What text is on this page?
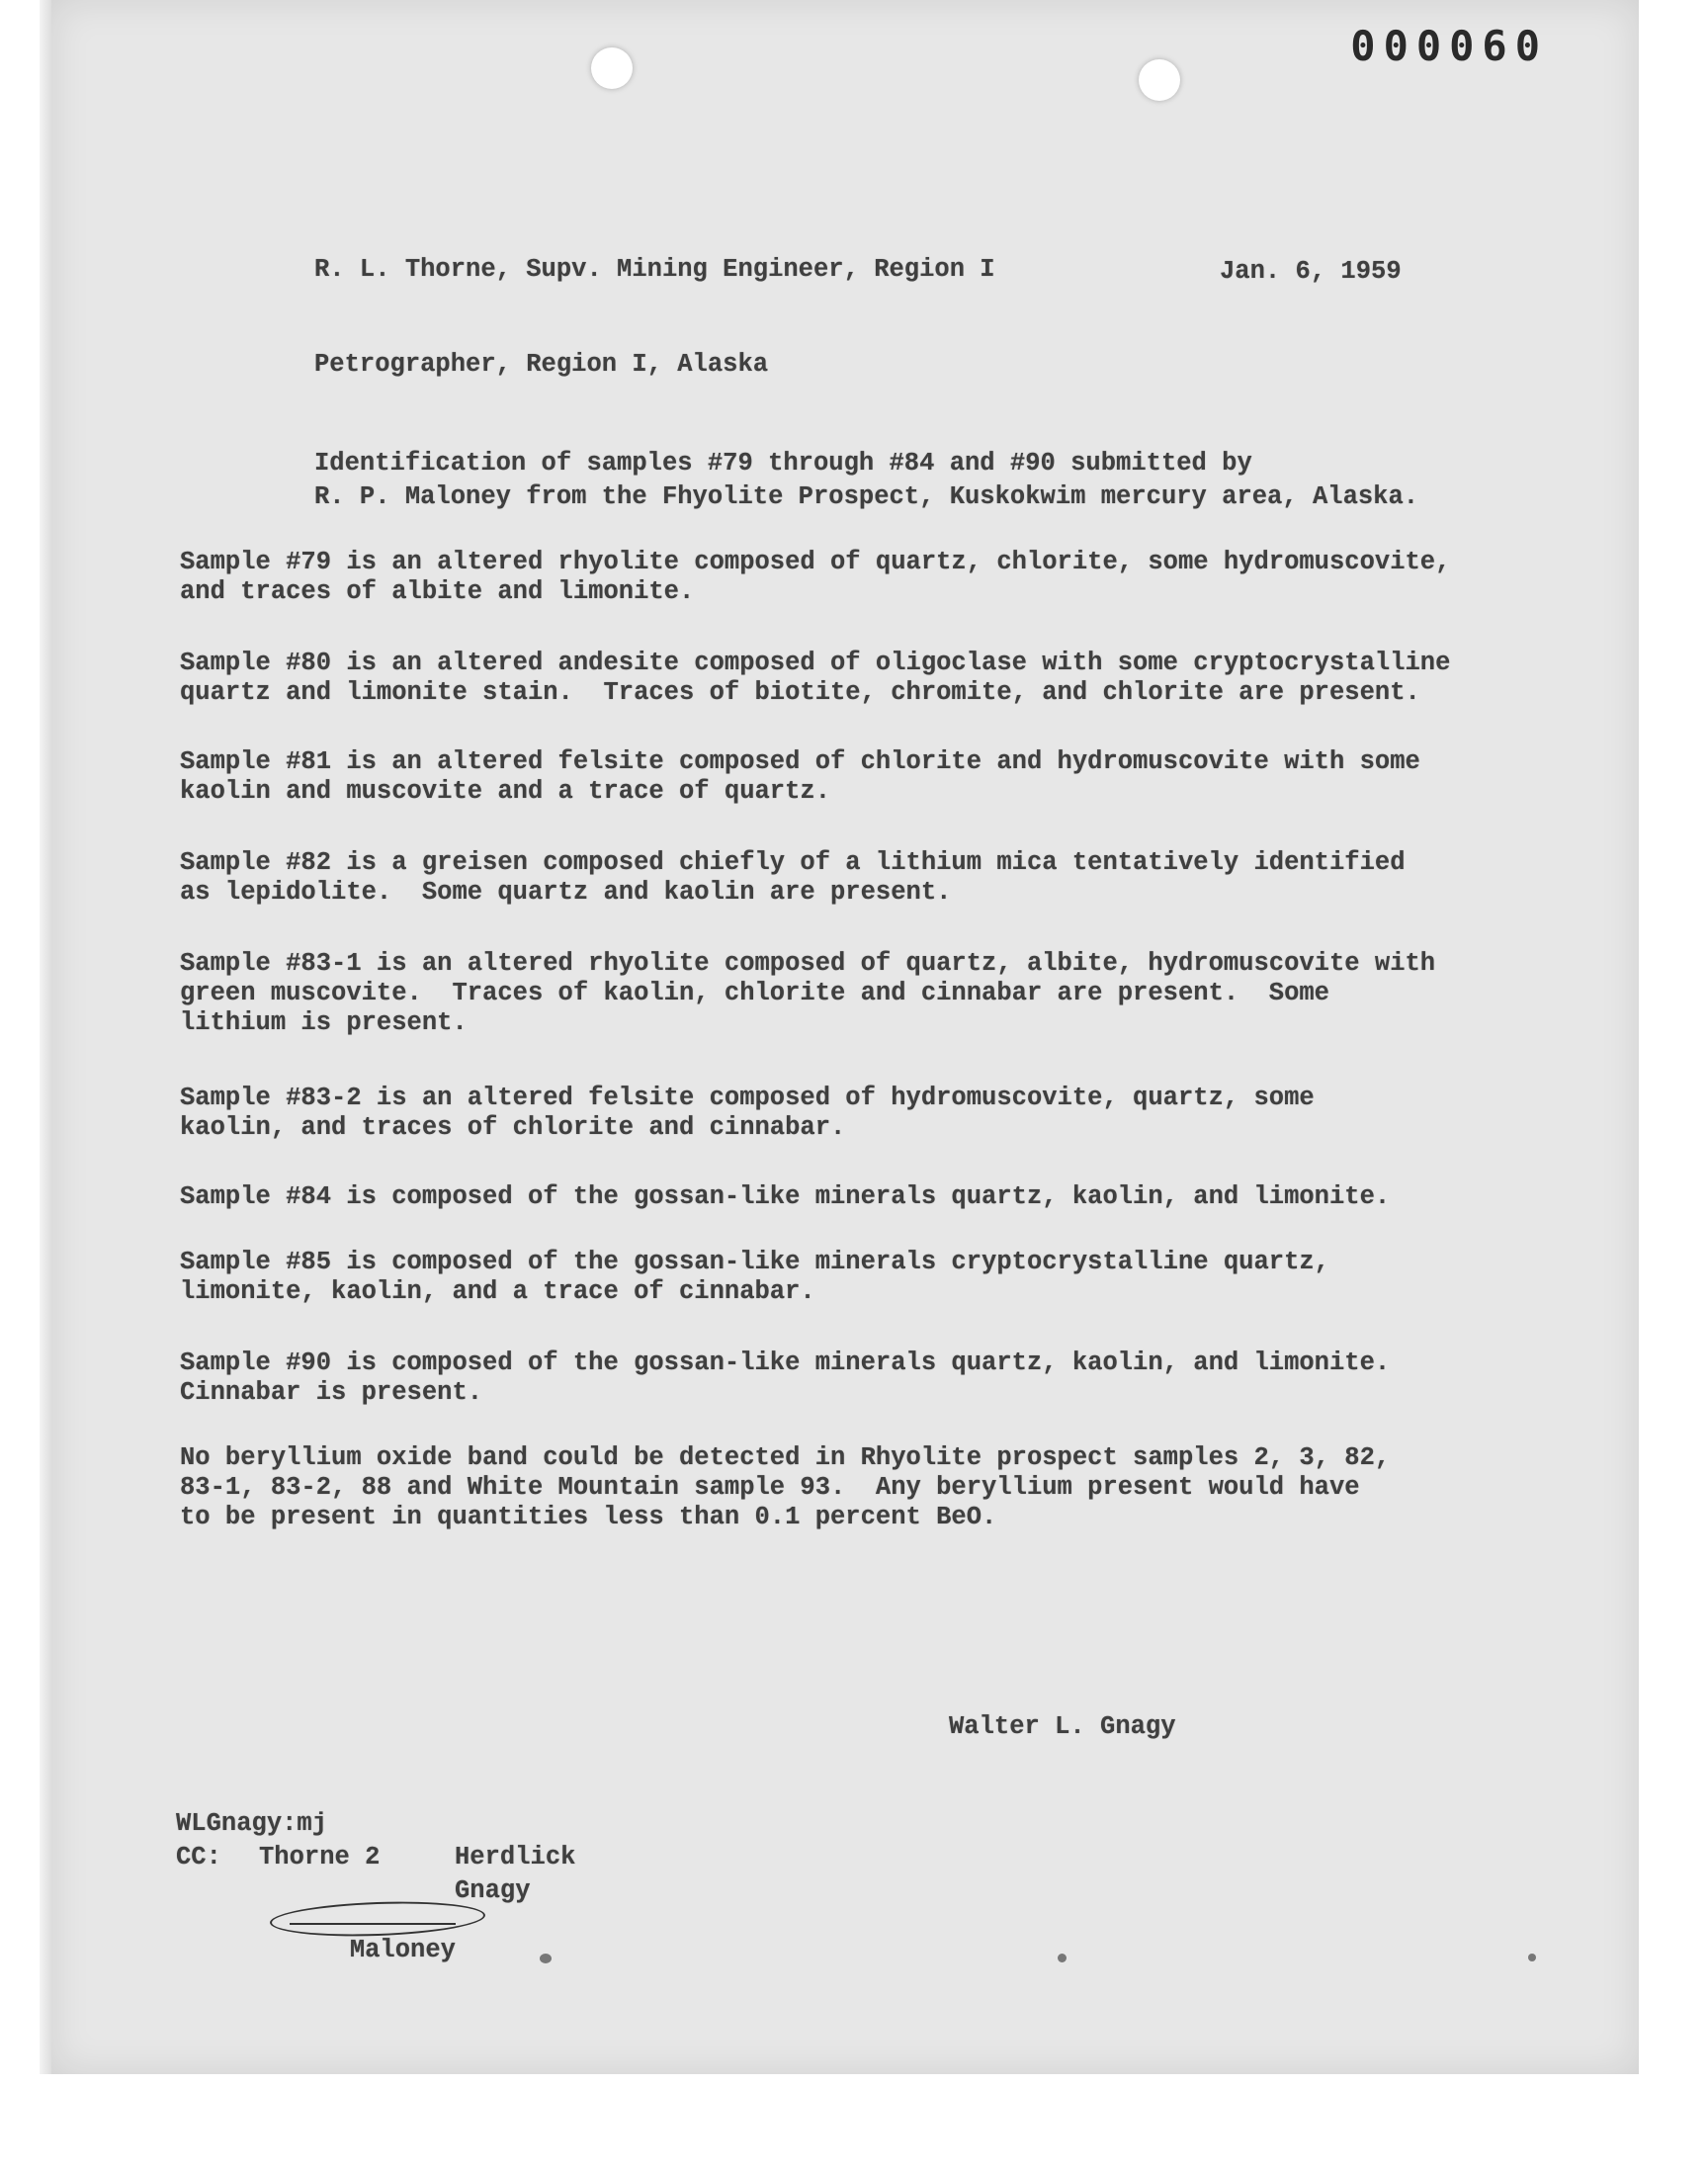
000060
R. L. Thorne, Supv. Mining Engineer, Region I	Jan. 6, 1959
Petrographer, Region I, Alaska
Identification of samples #79 through #84 and #90 submitted by
R. P. Maloney from the Fhyolite Prospect, Kuskokwim mercury area, Alaska.
Sample #79 is an altered rhyolite composed of quartz, chlorite, some hydromuscovite,
and traces of albite and limonite.
Sample #80 is an altered andesite composed of oligoclase with some cryptocrystalline
quartz and limonite stain.  Traces of biotite, chromite, and chlorite are present.
Sample #81 is an altered felsite composed of chlorite and hydromuscovite with some
kaolin and muscovite and a trace of quartz.
Sample #82 is a greisen composed chiefly of a lithium mica tentatively identified
as lepidolite.  Some quartz and kaolin are present.
Sample #83-1 is an altered rhyolite composed of quartz, albite, hydromuscovite with
green muscovite.  Traces of kaolin, chlorite and cinnabar are present.  Some
lithium is present.
Sample #83-2 is an altered felsite composed of hydromuscovite, quartz, some
kaolin, and traces of chlorite and cinnabar.
Sample #84 is composed of the gossan-like minerals quartz, kaolin, and limonite.
Sample #85 is composed of the gossan-like minerals cryptocrystalline quartz,
limonite, kaolin, and a trace of cinnabar.
Sample #90 is composed of the gossan-like minerals quartz, kaolin, and limonite.
Cinnabar is present.
No beryllium oxide band could be detected in Rhyolite prospect samples 2, 3, 82,
83-1, 83-2, 88 and White Mountain sample 93.  Any beryllium present would have
to be present in quantities less than 0.1 percent BeO.
Walter L. Gnagy
WLGnagy:mj
CC: Thorne 2	Herdlick

Maloney

Gnagy
